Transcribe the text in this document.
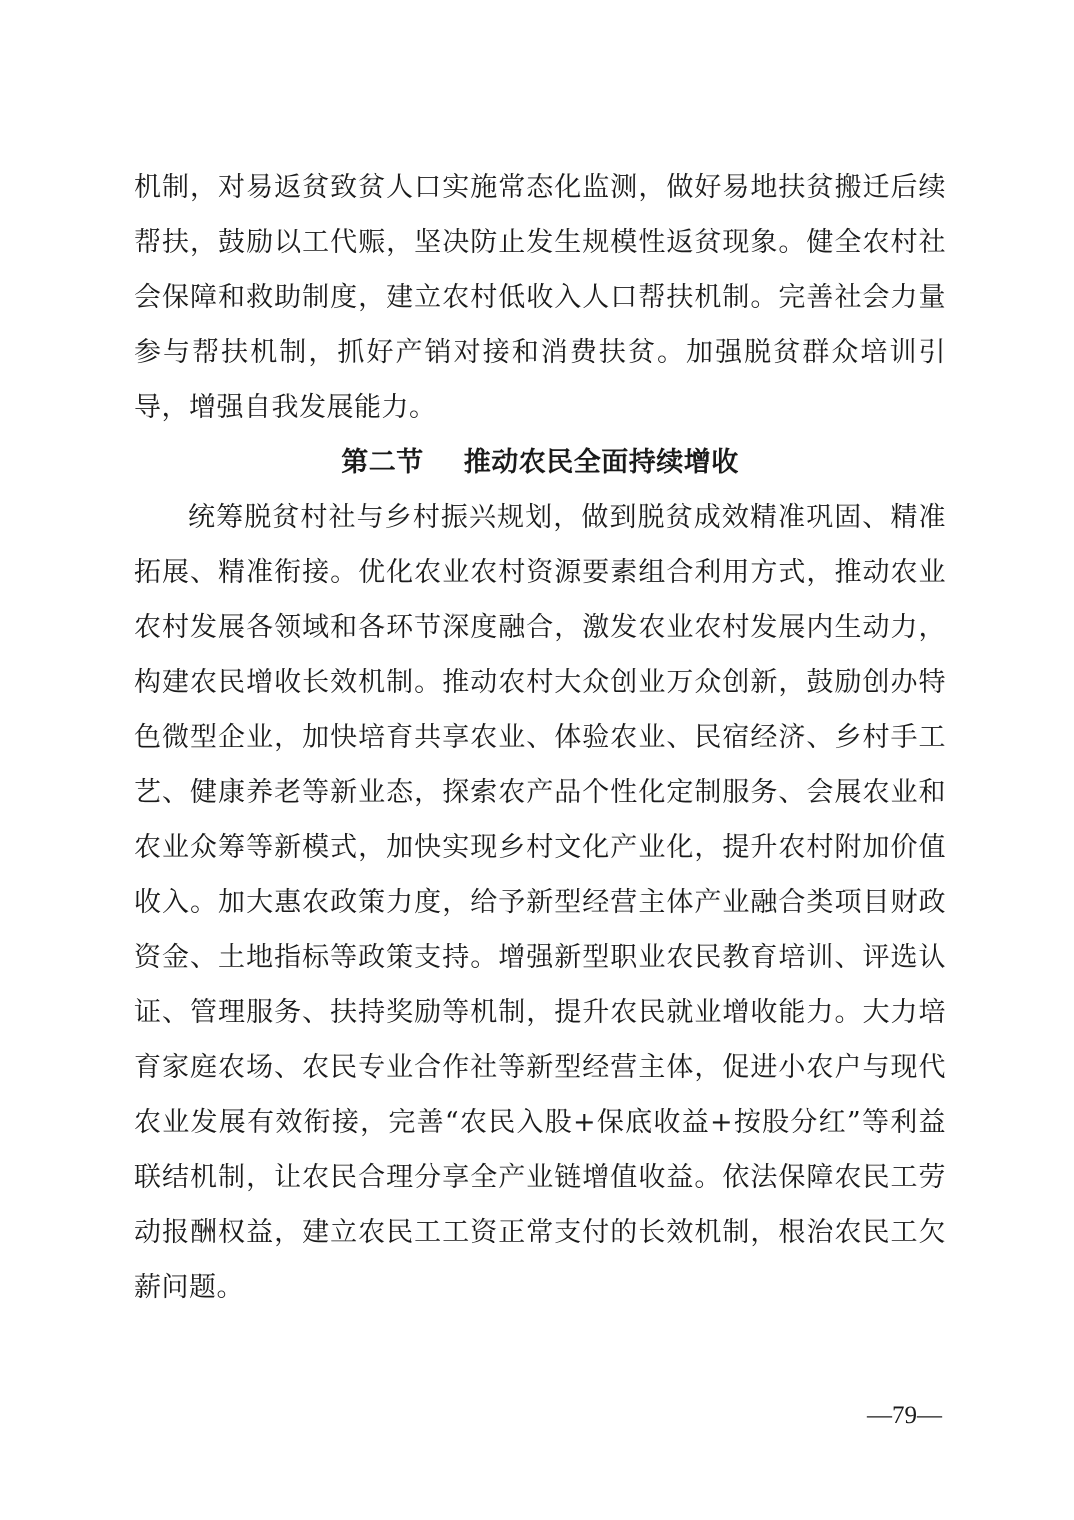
机制，对易返贫致贫人口实施常态化监测，做好易地扶贫搬迁后续帮扶，鼓励以工代赈，坚决防止发生规模性返贫现象。健全农村社会保障和救助制度，建立农村低收入人口帮扶机制。完善社会力量参与帮扶机制，抓好产销对接和消费扶贫。加强脱贫群众培训引导，增强自我发展能力。

第二节 推动农民全面持续增收

统筹脱贫村社与乡村振兴规划，做到脱贫成效精准巩固、精准拓展、精准衔接。优化农业农村资源要素组合利用方式，推动农业农村发展各领域和各环节深度融合，激发农业农村发展内生动力，构建农民增收长效机制。推动农村大众创业万众创新，鼓励创办特色微型企业，加快培育共享农业、体验农业、民宿经济、乡村手工艺、健康养老等新业态，探索农产品个性化定制服务、会展农业和农业众筹等新模式，加快实现乡村文化产业化，提升农村附加价值收入。加大惠农政策力度，给予新型经营主体产业融合类项目财政资金、土地指标等政策支持。增强新型职业农民教育培训、评选认证、管理服务、扶持奖励等机制，提升农民就业增收能力。大力培育家庭农场、农民专业合作社等新型经营主体，促进小农户与现代农业发展有效衔接，完善“农民入股+保底收益+按股分红”等利益联结机制，让农民合理分享全产业链增值收益。依法保障农民工劳动报酬权益，建立农民工工资正常支付的长效机制，根治农民工欠薪问题。

—79—
